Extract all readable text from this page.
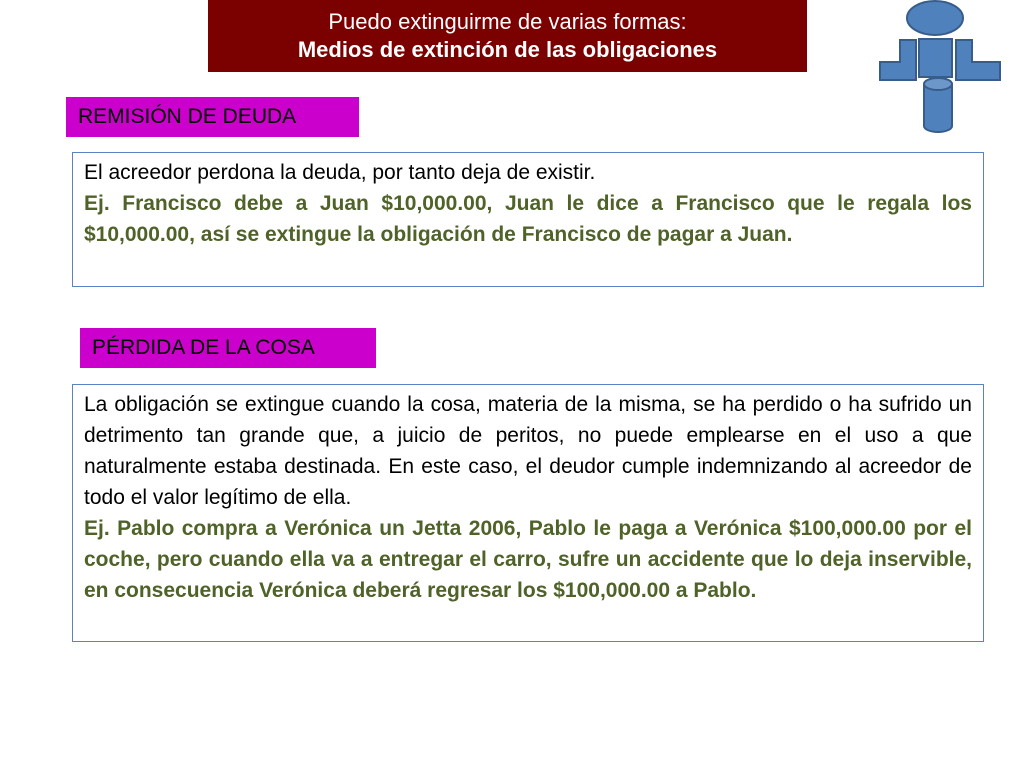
Puedo extinguirme de varias formas:
Medios de extinción de las obligaciones
REMISIÓN DE DEUDA

El acreedor perdona la deuda, por tanto deja de existir.

Ej. Francisco debe a Juan $10,000.00, Juan le dice a Francisco que le regala los $10,000.00, así se extingue la obligación de Francisco de pagar a Juan.

PÉRDIDA DE LA COSA

La obligación se extingue cuando la cosa, materia de la misma, se ha perdido o ha sufrido un detrimento tan grande que, a juicio de peritos, no puede emplearse en el uso a que naturalmente estaba destinada. En este caso, el deudor cumple indemnizando al acreedor de todo el valor legítimo de ella.

Ej. Pablo compra a Verónica un Jetta 2006, Pablo le paga a Verónica $100,000.00 por el coche, pero cuando ella va a entregar el carro, sufre un accidente que lo deja inservible, en consecuencia Verónica deberá regresar los $100,000.00 a Pablo.
